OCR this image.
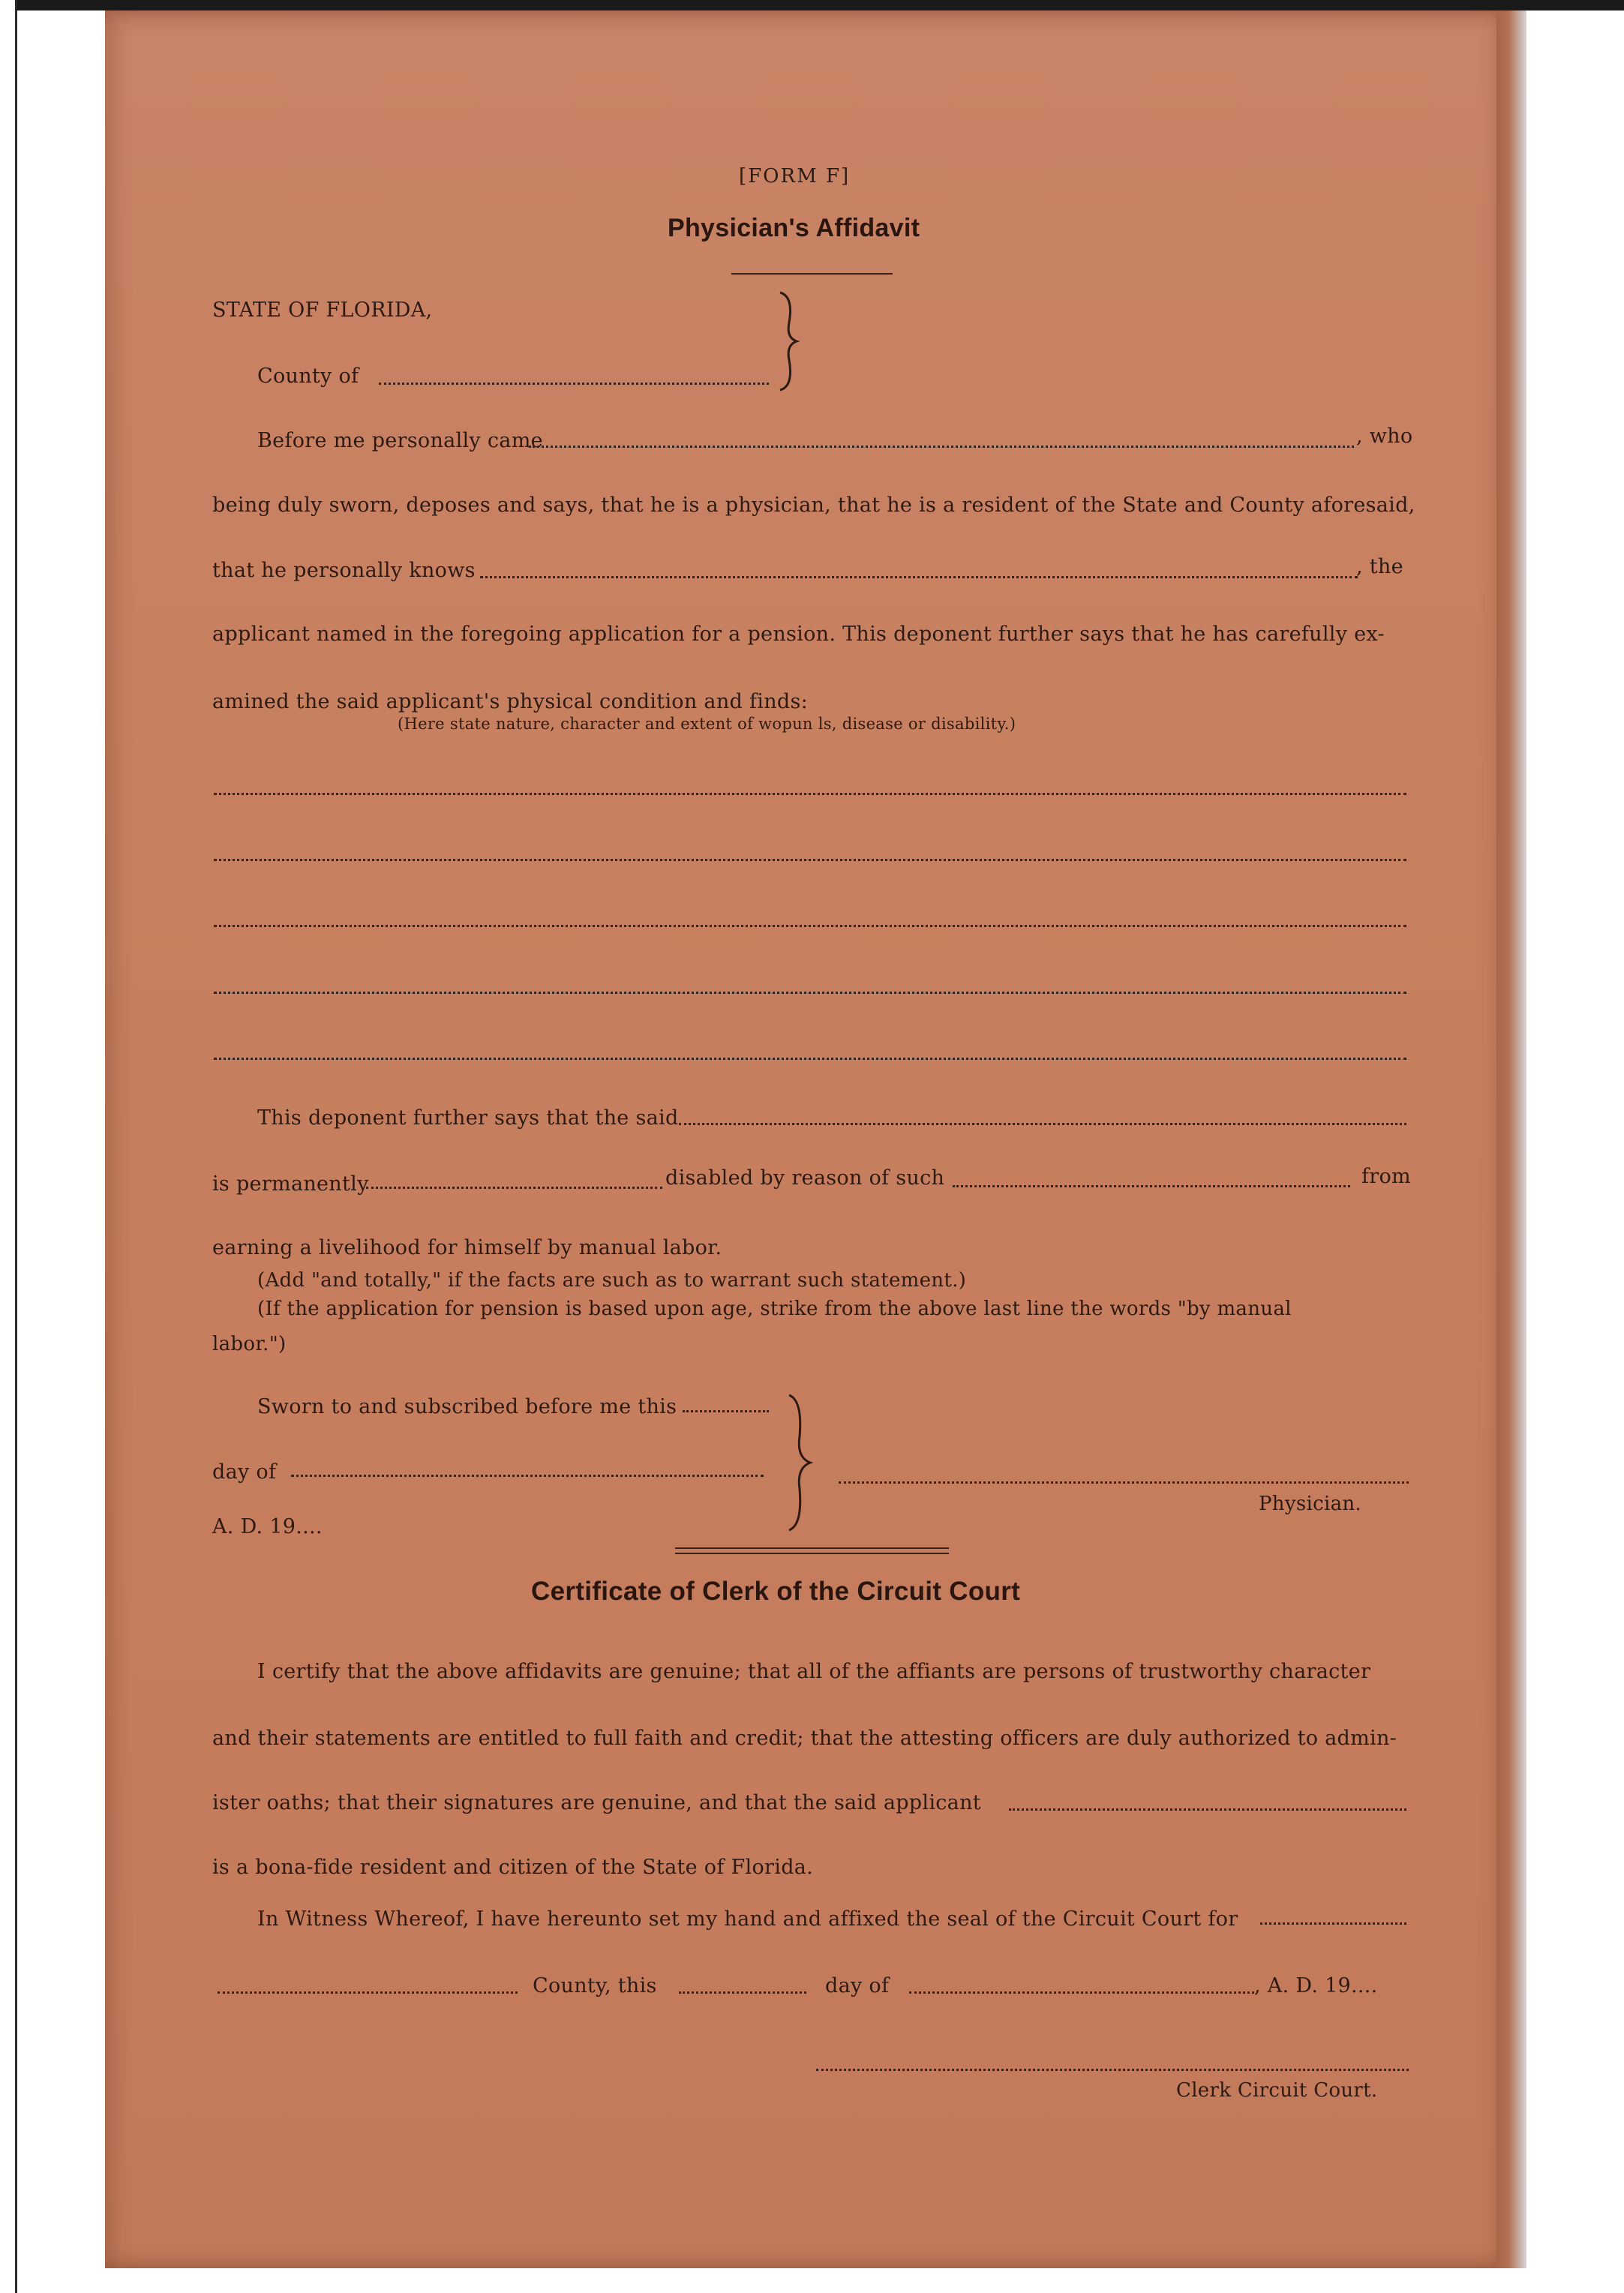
[FORM F]
Physician's Affidavit
STATE OF FLORIDA,
County of
Before me personally came	, who
being duly sworn, deposes and says, that he is a physician, that he is a resident of the State and County aforesaid,
that he personally knows	, the
applicant named in the foregoing application for a pension. This deponent further says that he has carefully ex-
amined the said applicant's physical condition and finds:
(Here state nature, character and extent of wopun ls, disease or disability.)
This deponent further says that the said
is permanently	disabled by reason of such	from
earning a livelihood for himself by manual labor.
(Add "and totally," if the facts are such as to warrant such statement.)
(If the application for pension is based upon age, strike from the above last line the words "by manual
labor.")
Sworn to and subscribed before me this
day of
A. D. 19....
Physician.
Certificate of Clerk of the Circuit Court
I certify that the above affidavits are genuine; that all of the affiants are persons of trustworthy character
and their statements are entitled to full faith and credit; that the attesting officers are duly authorized to admin-
ister oaths; that their signatures are genuine, and that the said applicant
is a bona-fide resident and citizen of the State of Florida.
In Witness Whereof, I have hereunto set my hand and affixed the seal of the Circuit Court for
County, this	day of	, A. D. 19....
Clerk Circuit Court.
